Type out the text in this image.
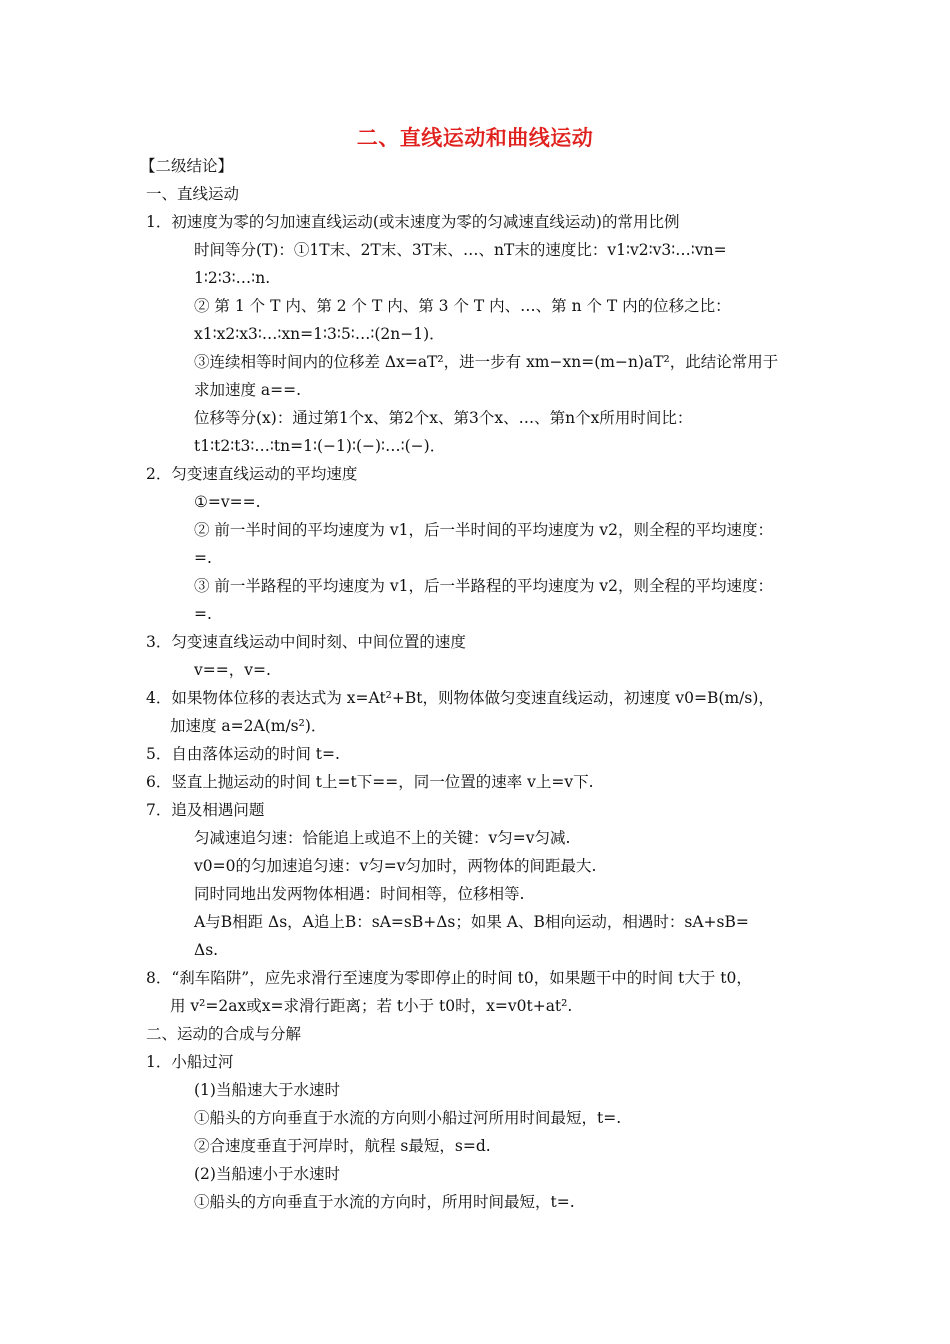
二、直线运动和曲线运动
【二级结论】
一、直线运动
1．初速度为零的匀加速直线运动(或末速度为零的匀减速直线运动)的常用比例
时间等分(T)：①1T末、2T末、3T末、…、nT末的速度比：v1∶v2∶v3∶…∶vn=
1∶2∶3∶…∶n.
② 第 1 个 T 内、第 2 个 T 内、第 3 个 T 内、…、第 n 个 T 内的位移之比：
x1∶x2∶x3∶…∶xn=1∶3∶5∶…∶(2n−1)．
③连续相等时间内的位移差 Δx=aT²，进一步有 xm−xn=(m−n)aT²，此结论常用于
求加速度 a==.
位移等分(x)：通过第1个x、第2个x、第3个x、…、第n个x所用时间比：
t1∶t2∶t3∶…∶tn=1∶(−1)∶(−)∶…∶(−)．
2．匀变速直线运动的平均速度
①=v==.
② 前一半时间的平均速度为 v1，后一半时间的平均速度为 v2，则全程的平均速度：
=.
③ 前一半路程的平均速度为 v1，后一半路程的平均速度为 v2，则全程的平均速度：
=.
3．匀变速直线运动中间时刻、中间位置的速度
v==，v=.
4．如果物体位移的表达式为 x=At²+Bt，则物体做匀变速直线运动，初速度 v0=B(m/s)，
加速度 a=2A(m/s²)．
5．自由落体运动的时间 t=.
6．竖直上抛运动的时间 t上=t下==，同一位置的速率 v上=v下.
7．追及相遇问题
匀减速追匀速：恰能追上或追不上的关键：v匀=v匀减.
v0=0的匀加速追匀速：v匀=v匀加时，两物体的间距最大.
同时同地出发两物体相遇：时间相等，位移相等.
A与B相距 Δs，A追上B：sA=sB+Δs；如果 A、B相向运动，相遇时：sA+sB=
Δs.
8．“刹车陷阱”，应先求滑行至速度为零即停止的时间 t0，如果题干中的时间 t大于 t0，
用 v²=2ax或x=求滑行距离；若 t小于 t0时，x=v0t+at².
二、运动的合成与分解
1．小船过河
(1)当船速大于水速时
①船头的方向垂直于水流的方向则小船过河所用时间最短，t=.
②合速度垂直于河岸时，航程 s最短，s=d.
(2)当船速小于水速时
①船头的方向垂直于水流的方向时，所用时间最短，t=.
